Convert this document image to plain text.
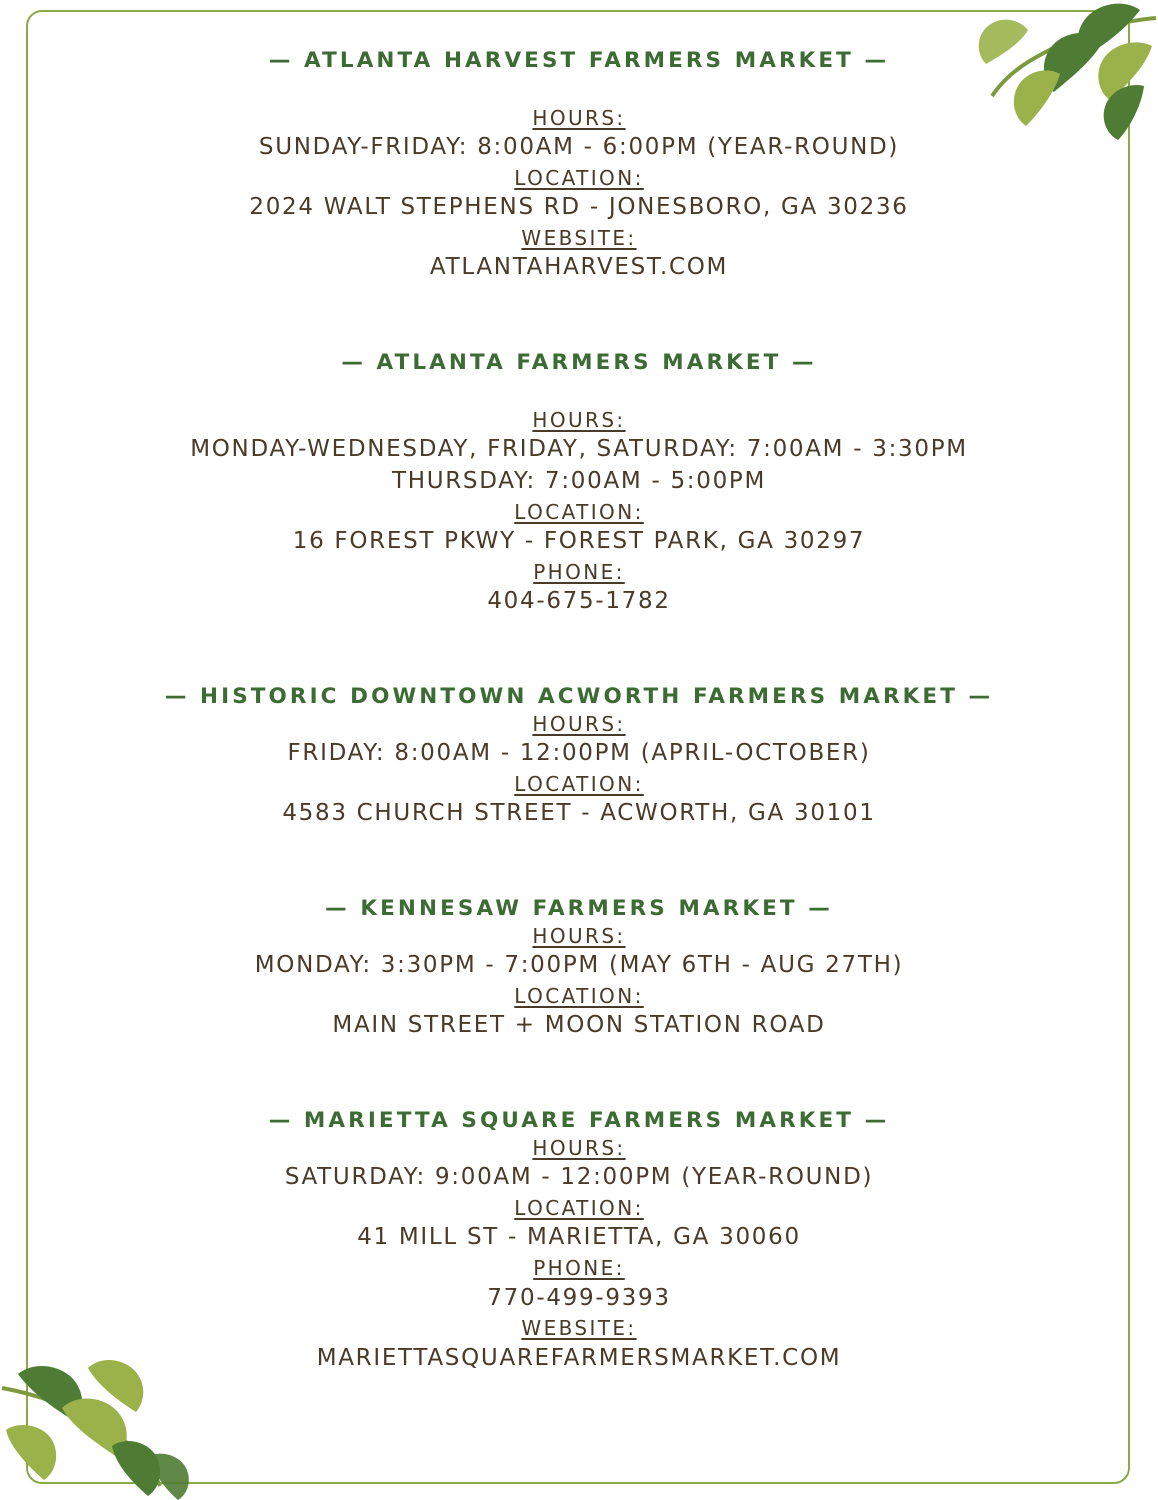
— ATLANTA HARVEST FARMERS MARKET —

HOURS:

SUNDAY-FRIDAY: 8:00AM - 6:00PM (YEAR-ROUND)

LOCATION:

2024 WALT STEPHENS RD - JONESBORO, GA 30236

WEBSITE:

ATLANTAHARVEST.COM

— ATLANTA FARMERS MARKET —

HOURS:

MONDAY-WEDNESDAY, FRIDAY, SATURDAY: 7:00AM - 3:30PM

THURSDAY: 7:00AM - 5:00PM

LOCATION:

16 FOREST PKWY - FOREST PARK, GA 30297

PHONE:

404-675-1782

— HISTORIC DOWNTOWN ACWORTH FARMERS MARKET —

HOURS:

FRIDAY: 8:00AM - 12:00PM (APRIL-OCTOBER)

LOCATION:

4583 CHURCH STREET - ACWORTH, GA 30101

— KENNESAW FARMERS MARKET —

HOURS:

MONDAY: 3:30PM - 7:00PM (MAY 6TH - AUG 27TH)

LOCATION:

MAIN STREET + MOON STATION ROAD

— MARIETTA SQUARE FARMERS MARKET —

HOURS:

SATURDAY: 9:00AM - 12:00PM (YEAR-ROUND)

LOCATION:

41 MILL ST - MARIETTA, GA 30060

PHONE:

770-499-9393

WEBSITE:

MARIETTASQUAREFARMERSMARKET.COM
